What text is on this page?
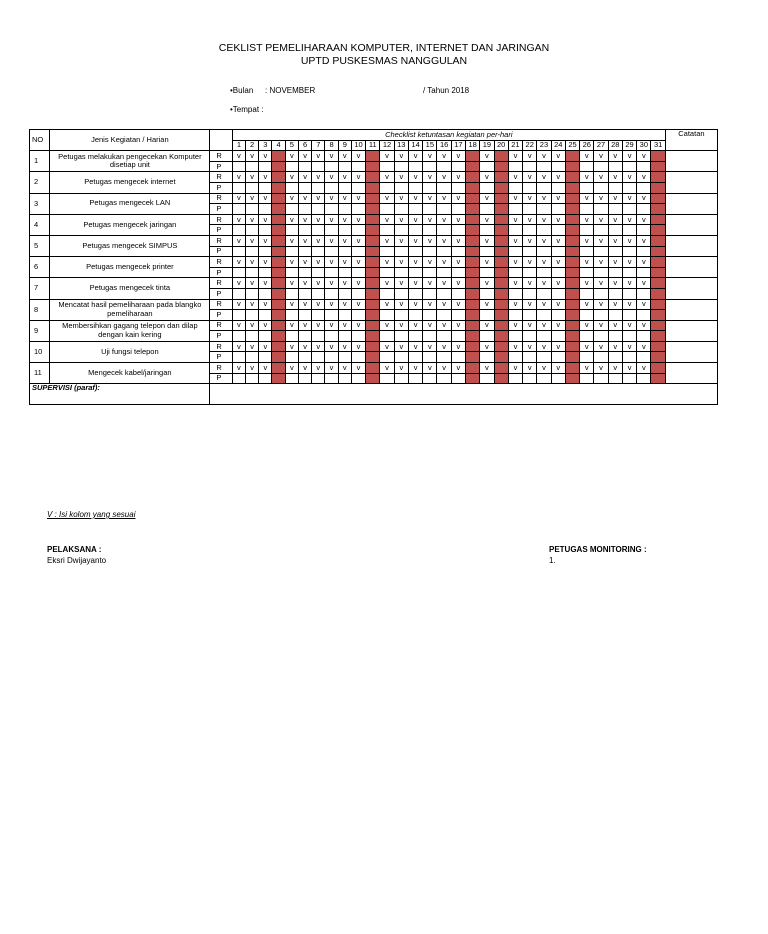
CEKLIST PEMELIHARAAN KOMPUTER, INTERNET DAN JARINGAN
UPTD PUSKESMAS NANGGULAN
•Bulan : NOVEMBER	/ Tahun 2018
•Tempat :
NO	Jenis Kegiatan / Harian		Checklist ketuntasan kegiatan per-hari																															Catatan
			1	2	3	4	5	6	7	8	9	10	11	12	13	14	15	16	17	18	19	20	21	22	23	24	25	26	27	28	29	30	31	
1	Petugas melakukan pengecekan Komputer disetiap unit	R	v	v	v		v	v	v	v	v	v		v	v	v	v	v	v		v		v	v	v	v		v	v	v	v	v		
		P																																
2	Petugas mengecek internet	R	v	v	v		v	v	v	v	v	v		v	v	v	v	v	v		v		v	v	v	v		v	v	v	v	v		
		P																																
3	Petugas mengecek LAN	R	v	v	v		v	v	v	v	v	v		v	v	v	v	v	v		v		v	v	v	v		v	v	v	v	v		
		P																																
4	Petugas mengecek jaringan	R	v	v	v		v	v	v	v	v	v		v	v	v	v	v	v		v		v	v	v	v		v	v	v	v	v		
		P																																
5	Petugas mengecek SIMPUS	R	v	v	v		v	v	v	v	v	v		v	v	v	v	v	v		v		v	v	v	v		v	v	v	v	v		
		P																																
6	Petugas mengecek printer	R	v	v	v		v	v	v	v	v	v		v	v	v	v	v	v		v		v	v	v	v		v	v	v	v	v		
		P																																
7	Petugas mengecek tinta	R	v	v	v		v	v	v	v	v	v		v	v	v	v	v	v		v		v	v	v	v		v	v	v	v	v		
		P																																
8	Mencatat hasil pemeliharaan pada blangko pemeliharaan	R	v	v	v		v	v	v	v	v	v		v	v	v	v	v	v		v		v	v	v	v		v	v	v	v	v		
		P																																
9	Membersihkan gagang telepon dan dilap dengan kain kering	R	v	v	v		v	v	v	v	v	v		v	v	v	v	v	v		v		v	v	v	v		v	v	v	v	v		
		P																																
10	Uji fungsi telepon	R	v	v	v		v	v	v	v	v	v		v	v	v	v	v	v		v		v	v	v	v		v	v	v	v	v		
		P																																
11	Mengecek kabel/jaringan	R	v	v	v		v	v	v	v	v	v		v	v	v	v	v	v		v		v	v	v	v		v	v	v	v	v		
		P																																
SUPERVISI (paraf):																																		

V : Isi kolom yang sesuai
PELAKSANA :
Eksri Dwijayanto
PETUGAS MONITORING :
1.
